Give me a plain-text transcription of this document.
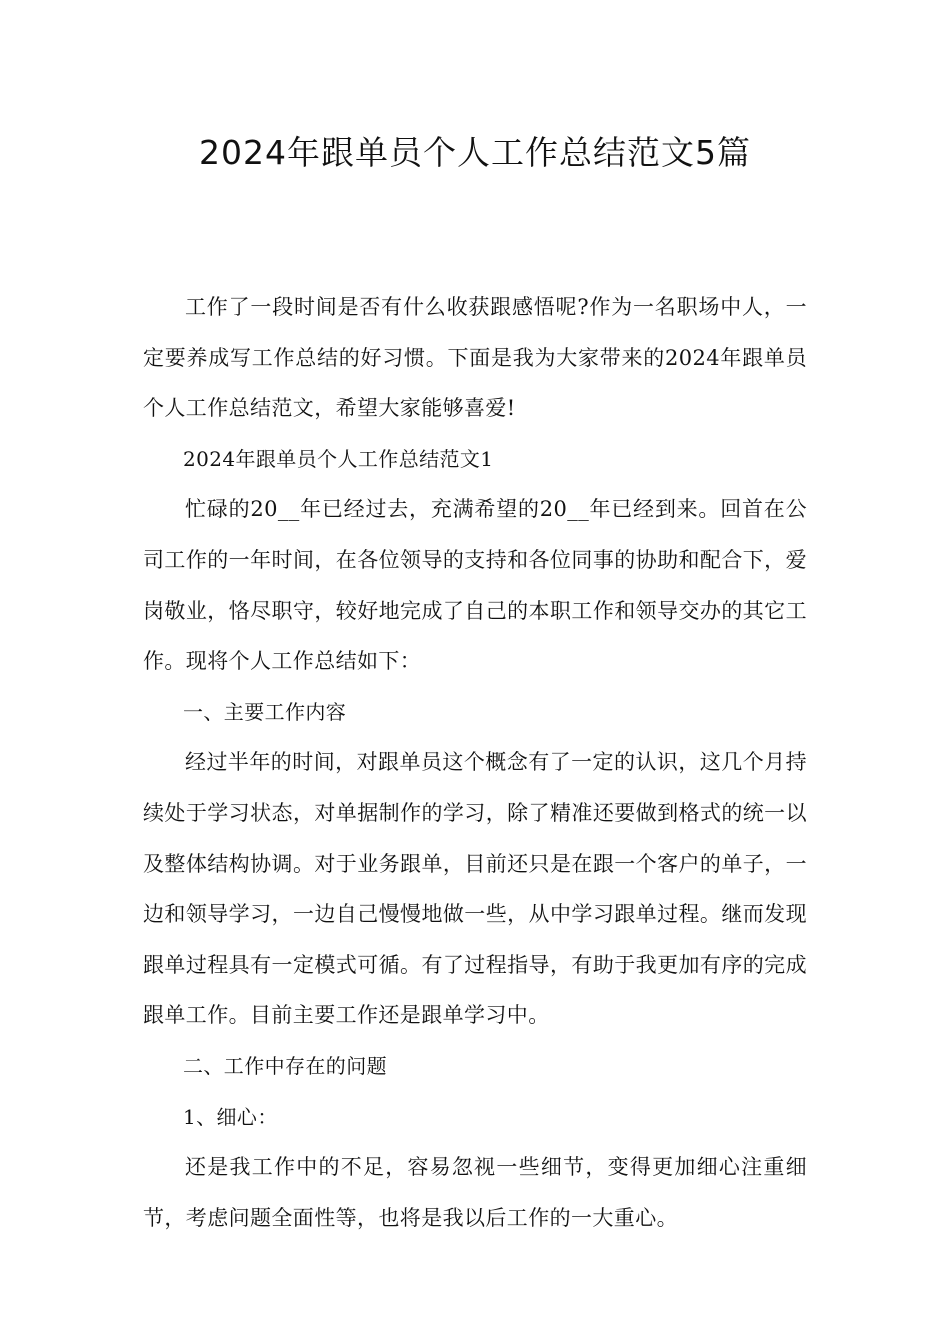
2024年跟单员个人工作总结范文5篇

工作了一段时间是否有什么收获跟感悟呢?作为一名职场中人，一定要养成写工作总结的好习惯。下面是我为大家带来的2024年跟单员个人工作总结范文，希望大家能够喜爱!

2024年跟单员个人工作总结范文1

忙碌的20__年已经过去，充满希望的20__年已经到来。回首在公司工作的一年时间，在各位领导的支持和各位同事的协助和配合下，爱岗敬业，恪尽职守，较好地完成了自己的本职工作和领导交办的其它工作。现将个人工作总结如下：

一、主要工作内容

经过半年的时间，对跟单员这个概念有了一定的认识，这几个月持续处于学习状态，对单据制作的学习，除了精准还要做到格式的统一以及整体结构协调。对于业务跟单，目前还只是在跟一个客户的单子，一边和领导学习，一边自己慢慢地做一些，从中学习跟单过程。继而发现跟单过程具有一定模式可循。有了过程指导，有助于我更加有序的完成跟单工作。目前主要工作还是跟单学习中。

二、工作中存在的问题

1、细心：

还是我工作中的不足，容易忽视一些细节，变得更加细心注重细节，考虑问题全面性等，也将是我以后工作的一大重心。
